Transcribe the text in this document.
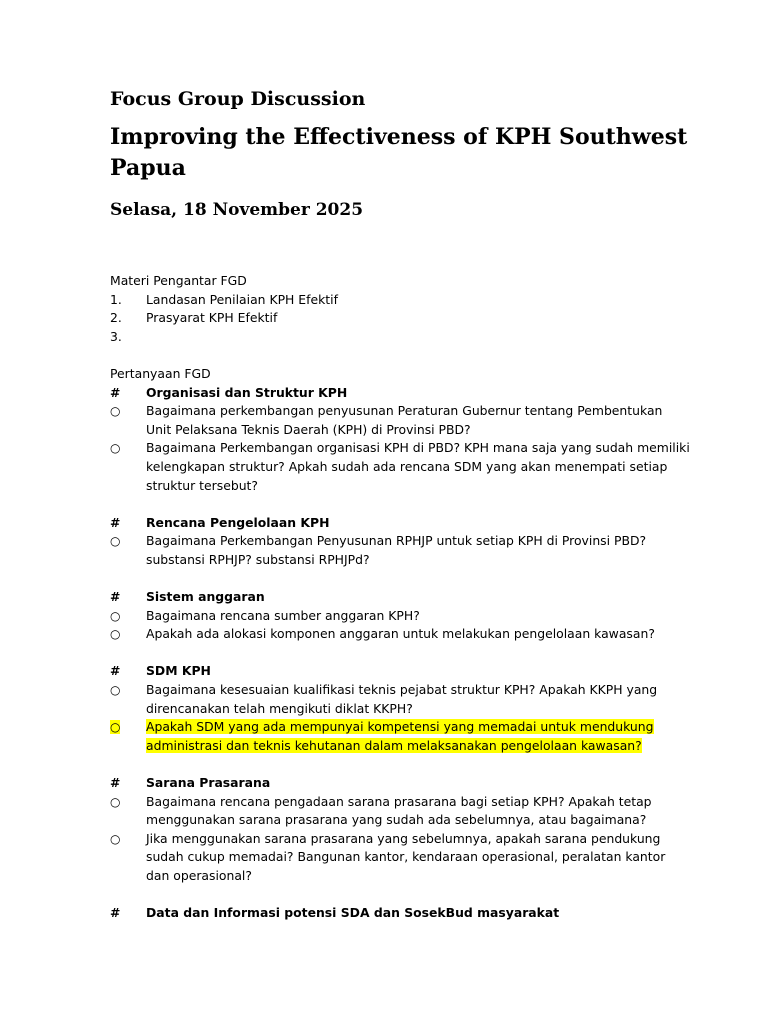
Focus Group Discussion
Improving the Effectiveness of KPH Southwest Papua
Selasa, 18 November 2025
Materi Pengantar FGD
1.	Landasan Penilaian KPH Efektif
2.	Prasyarat KPH Efektif
3.
Pertanyaan FGD
#	Organisasi dan Struktur KPH
○	Bagaimana perkembangan penyusunan Peraturan Gubernur tentang Pembentukan Unit Pelaksana Teknis Daerah (KPH) di Provinsi PBD?
○	Bagaimana Perkembangan organisasi KPH di PBD? KPH mana saja yang sudah memiliki kelengkapan struktur? Apkah sudah ada rencana SDM yang akan menempati setiap struktur tersebut?
#	Rencana Pengelolaan KPH
○	Bagaimana Perkembangan Penyusunan RPHJP untuk setiap KPH di Provinsi PBD? substansi RPHJP? substansi RPHJPd?
#	Sistem anggaran
○	Bagaimana rencana sumber anggaran KPH?
○	Apakah ada alokasi komponen anggaran untuk melakukan pengelolaan kawasan?
#	SDM KPH
○	Bagaimana kesesuaian kualifikasi teknis pejabat struktur KPH? Apakah KKPH yang direncanakan telah mengikuti diklat KKPH?
○	Apakah SDM yang ada mempunyai kompetensi yang memadai untuk mendukung administrasi dan teknis kehutanan dalam melaksanakan pengelolaan kawasan?
#	Sarana Prasarana
○	Bagaimana rencana pengadaan sarana prasarana bagi setiap KPH? Apakah tetap menggunakan sarana prasarana yang sudah ada sebelumnya, atau bagaimana?
○	Jika menggunakan sarana prasarana yang sebelumnya, apakah sarana pendukung sudah cukup memadai? Bangunan kantor, kendaraan operasional, peralatan kantor dan operasional?
#	Data dan Informasi potensi SDA dan SosekBud masyarakat
